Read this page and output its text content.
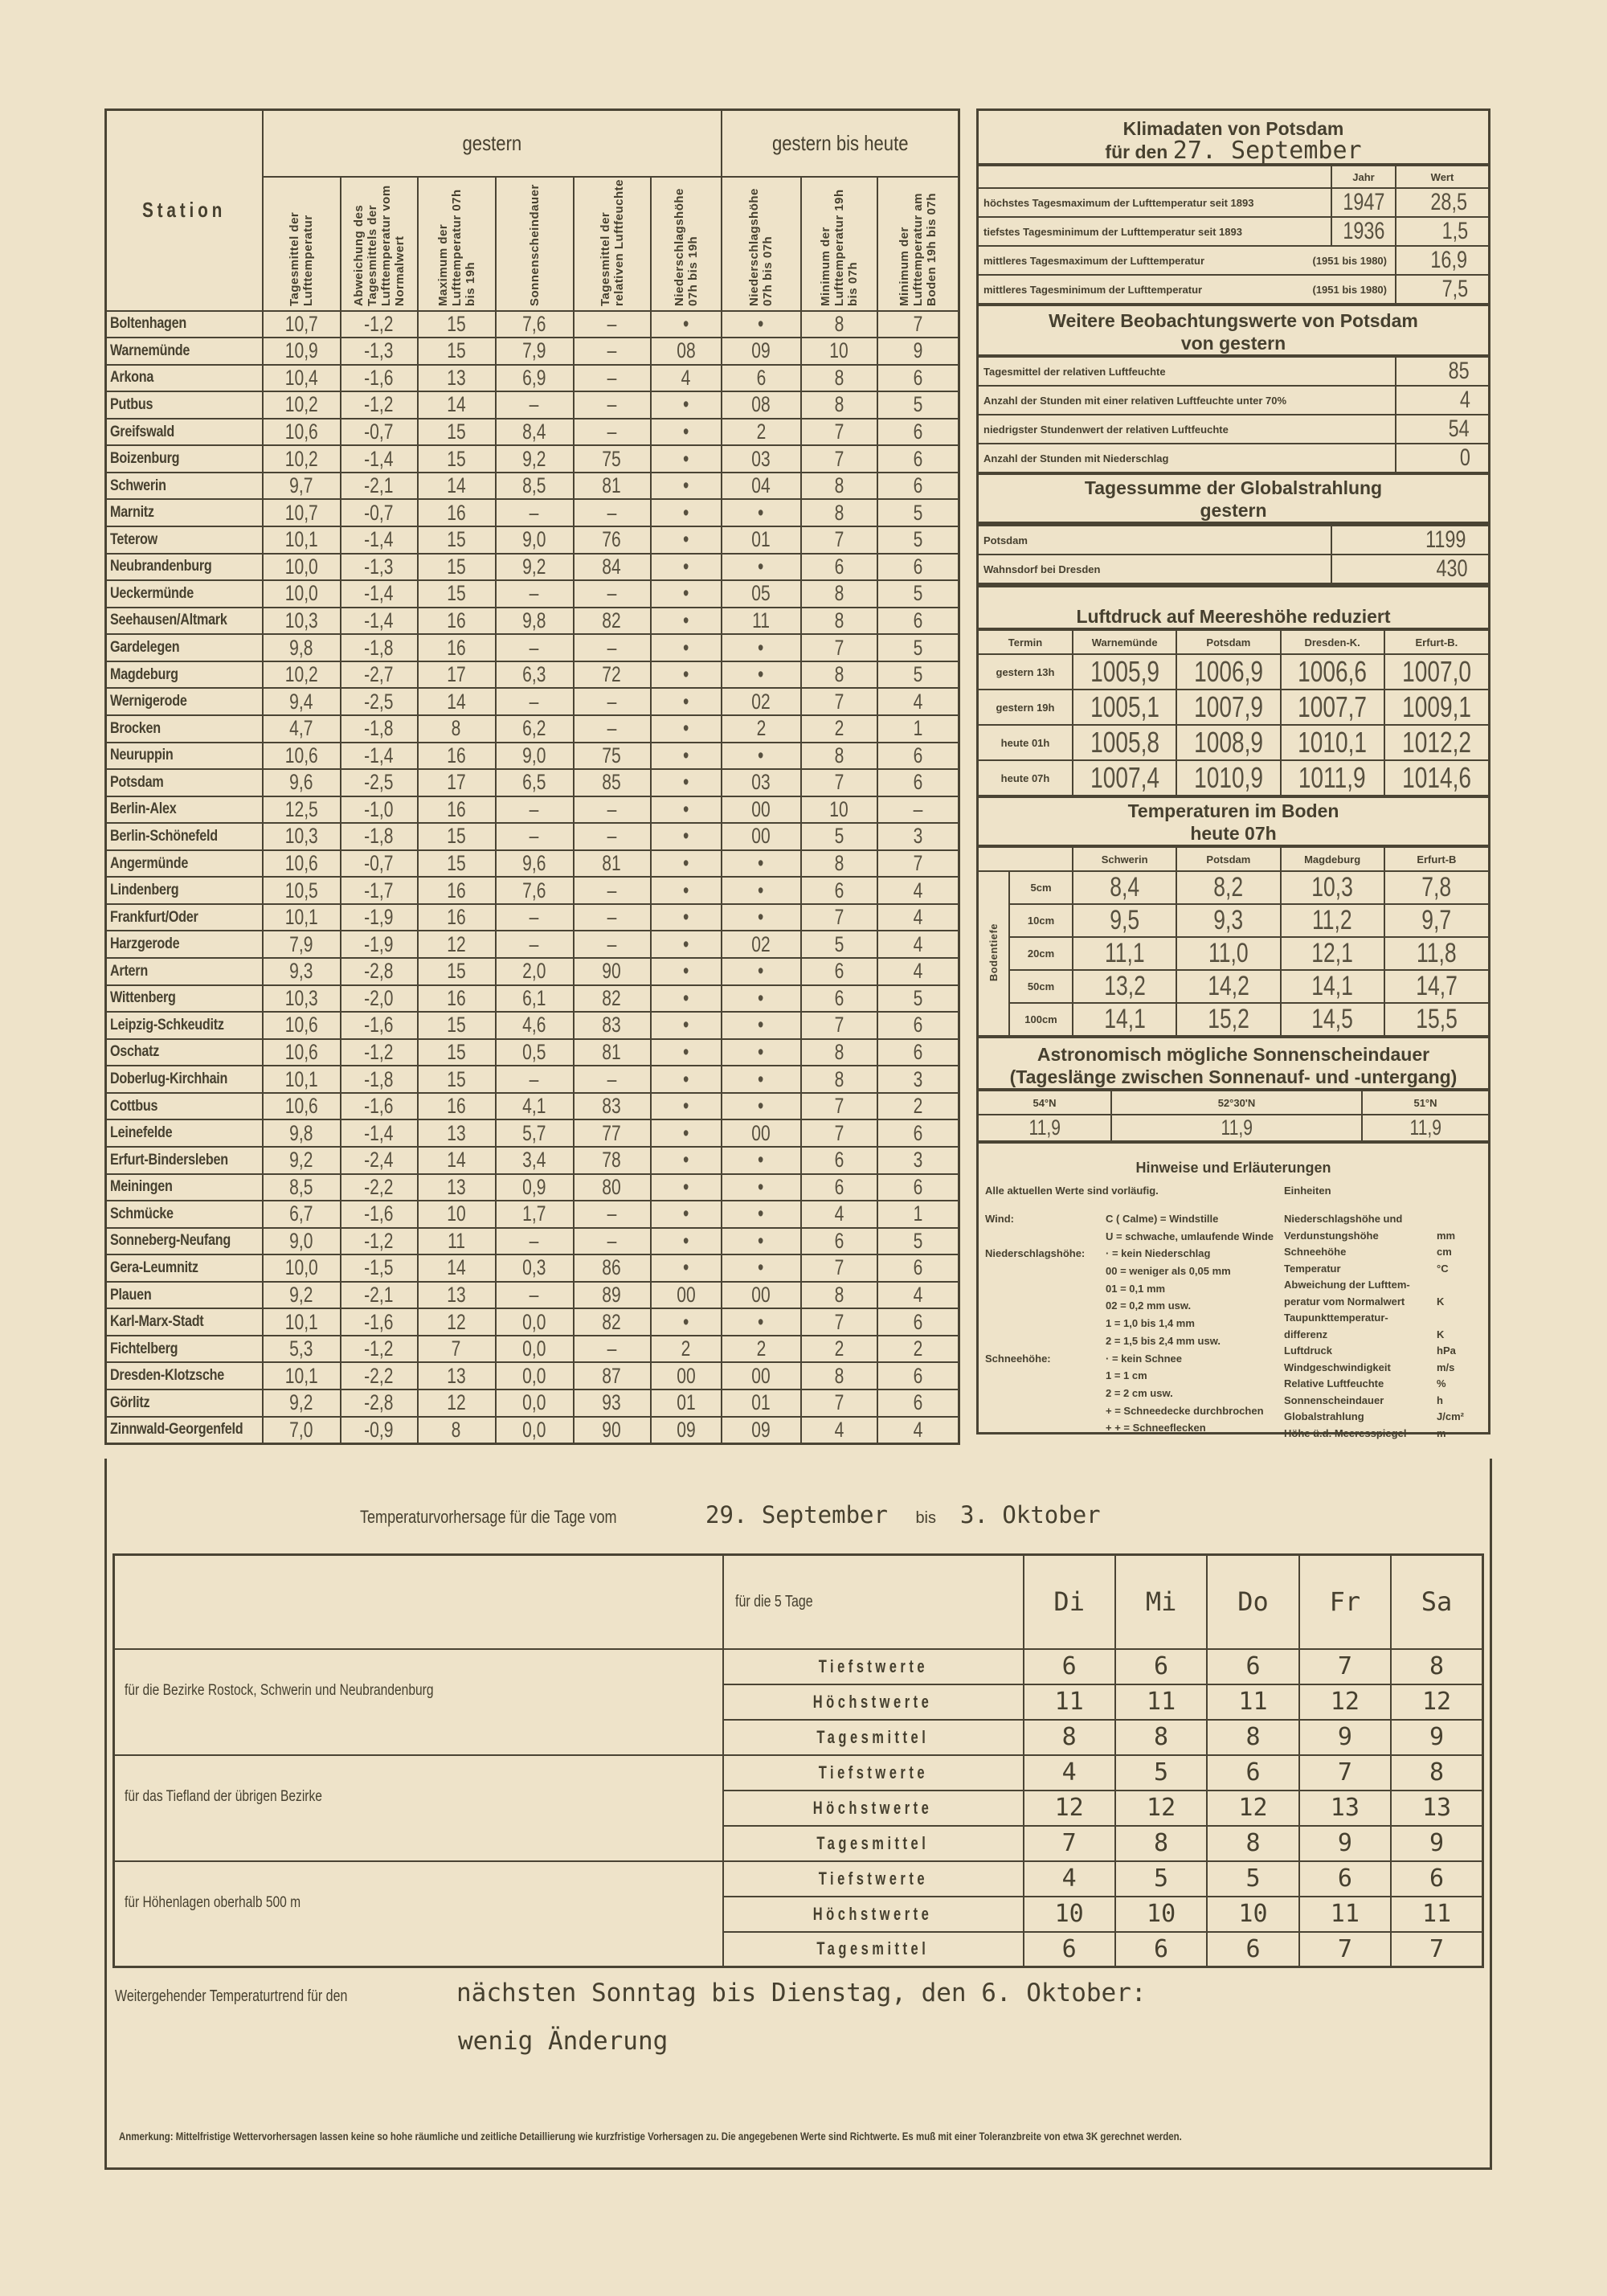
Station	gestern						gestern bis heute		
	Tagesmittel der Lufttemperatur	Abweichung des Tagesmittels der Lufttemperatur vom Normalwert	Maximum der Lufttemperatur 07h bis 19h	Sonnenscheindauer	Tagesmittel der relativen Luftfeuchte	Niederschlagshöhe 07h bis 19h	Niederschlagshöhe 07h bis 07h	Minimum der Lufttemperatur 19h bis 07h	Minimum der Lufttemperatur am Boden 19h bis 07h
Boltenhagen	10,7	-1,2	15	7,6	–	•	•	8	7
Warnemünde	10,9	-1,3	15	7,9	–	08	09	10	9
Arkona	10,4	-1,6	13	6,9	–	4	6	8	6
Putbus	10,2	-1,2	14	–	–	•	08	8	5
Greifswald	10,6	-0,7	15	8,4	–	•	2	7	6
Boizenburg	10,2	-1,4	15	9,2	75	•	03	7	6
Schwerin	9,7	-2,1	14	8,5	81	•	04	8	6
Marnitz	10,7	-0,7	16	–	–	•	•	8	5
Teterow	10,1	-1,4	15	9,0	76	•	01	7	5
Neubrandenburg	10,0	-1,3	15	9,2	84	•	•	6	6
Ueckermünde	10,0	-1,4	15	–	–	•	05	8	5
Seehausen/Altmark	10,3	-1,4	16	9,8	82	•	11	8	6
Gardelegen	9,8	-1,8	16	–	–	•	•	7	5
Magdeburg	10,2	-2,7	17	6,3	72	•	•	8	5
Wernigerode	9,4	-2,5	14	–	–	•	02	7	4
Brocken	4,7	-1,8	8	6,2	–	•	2	2	1
Neuruppin	10,6	-1,4	16	9,0	75	•	•	8	6
Potsdam	9,6	-2,5	17	6,5	85	•	03	7	6
Berlin-Alex	12,5	-1,0	16	–	–	•	00	10	–
Berlin-Schönefeld	10,3	-1,8	15	–	–	•	00	5	3
Angermünde	10,6	-0,7	15	9,6	81	•	•	8	7
Lindenberg	10,5	-1,7	16	7,6	–	•	•	6	4
Frankfurt/Oder	10,1	-1,9	16	–	–	•	•	7	4
Harzgerode	7,9	-1,9	12	–	–	•	02	5	4
Artern	9,3	-2,8	15	2,0	90	•	•	6	4
Wittenberg	10,3	-2,0	16	6,1	82	•	•	6	5
Leipzig-Schkeuditz	10,6	-1,6	15	4,6	83	•	•	7	6
Oschatz	10,6	-1,2	15	0,5	81	•	•	8	6
Doberlug-Kirchhain	10,1	-1,8	15	–	–	•	•	8	3
Cottbus	10,6	-1,6	16	4,1	83	•	•	7	2
Leinefelde	9,8	-1,4	13	5,7	77	•	00	7	6
Erfurt-Bindersleben	9,2	-2,4	14	3,4	78	•	•	6	3
Meiningen	8,5	-2,2	13	0,9	80	•	•	6	6
Schmücke	6,7	-1,6	10	1,7	–	•	•	4	1
Sonneberg-Neufang	9,0	-1,2	11	–	–	•	•	6	5
Gera-Leumnitz	10,0	-1,5	14	0,3	86	•	•	7	6
Plauen	9,2	-2,1	13	–	89	00	00	8	4
Karl-Marx-Stadt	10,1	-1,6	12	0,0	82	•	•	7	6
Fichtelberg	5,3	-1,2	7	0,0	–	2	2	2	2
Dresden-Klotzsche	10,1	-2,2	13	0,0	87	00	00	8	6
Görlitz	9,2	-2,8	12	0,0	93	01	01	7	6
Zinnwald-Georgenfeld	7,0	-0,9	8	0,0	90	09	09	4	4
Klimadaten von Potsdam
für den 27. September
	Jahr	Wert
höchstes Tagesmaximum der Lufttemperatur seit 1893	1947	28,5
tiefstes Tagesminimum der Lufttemperatur seit 1893	1936	1,5
mittleres Tagesmaximum der Lufttemperatur (1951 bis 1980)		16,9
mittleres Tagesminimum der Lufttemperatur (1951 bis 1980)		7,5
Weitere Beobachtungswerte von Potsdam
von gestern
Tagesmittel der relativen Luftfeuchte	85
Anzahl der Stunden mit einer relativen Luftfeuchte unter 70%	4
niedrigster Stundenwert der relativen Luftfeuchte	54
Anzahl der Stunden mit Niederschlag	0
Tagessumme der Globalstrahlung
gestern
Potsdam	1199
Wahnsdorf bei Dresden	430
Luftdruck auf Meereshöhe reduziert
Termin	Warnemünde	Potsdam	Dresden-K.	Erfurt-B.
gestern 13h	1005,9	1006,9	1006,6	1007,0
gestern 19h	1005,1	1007,9	1007,7	1009,1
heute 01h	1005,8	1008,9	1010,1	1012,2
heute 07h	1007,4	1010,9	1011,9	1014,6
Temperaturen im Boden
heute 07h
		Schwerin	Potsdam	Magdeburg	Erfurt-B
Bodentiefe	5cm	8,4	8,2	10,3	7,8
	10cm	9,5	9,3	11,2	9,7
	20cm	11,1	11,0	12,1	11,8
	50cm	13,2	14,2	14,1	14,7
	100cm	14,1	15,2	14,5	15,5
Astronomisch mögliche Sonnenscheindauer
(Tageslänge zwischen Sonnenauf- und -untergang)
54°N	52°30'N	51°N
11,9	11,9	11,9
Hinweise und Erläuterungen
Alle aktuellen Werte sind vorläufig.
Wind:	C ( Calme) = Windstille
U = schwache, umlaufende Winde
Niederschlagshöhe:	· = kein Niederschlag
00 = weniger als 0,05 mm
01 = 0,1 mm
02 = 0,2 mm usw.
1 = 1,0 bis 1,4 mm
2 = 1,5 bis 2,4 mm usw.
Schneehöhe:	· = kein Schnee
1 = 1 cm
2 = 2 cm usw.
+ = Schneedecke durchbrochen
+ + = Schneeflecken
Einheiten
Niederschlagshöhe und
Verdunstungshöhe	mm
Schneehöhe	cm
Temperatur	°C
Abweichung der Lufttem-
peratur vom Normalwert	K
Taupunkttemperatur-
differenz	K
Luftdruck	hPa
Windgeschwindigkeit	m/s
Relative Luftfeuchte	%
Sonnenscheindauer	h
Globalstrahlung	J/cm²
Höhe ü.d. Meeresspiegel	m
Temperaturvorhersage für die Tage vom	29. September bis 3. Oktober
	für die 5 Tage	Di	Mi	Do	Fr	Sa
für die Bezirke Rostock, Schwerin und Neubrandenburg	Tiefstwerte	6	6	6	7	8
	Höchstwerte	11	11	11	12	12
	Tagesmittel	8	8	8	9	9
für das Tiefland der übrigen Bezirke	Tiefstwerte	4	5	6	7	8
	Höchstwerte	12	12	12	13	13
	Tagesmittel	7	8	8	9	9
für Höhenlagen oberhalb 500 m	Tiefstwerte	4	5	5	6	6
	Höchstwerte	10	10	10	11	11
	Tagesmittel	6	6	6	7	7
Weitergehender Temperaturtrend für den	nächsten Sonntag bis Dienstag, den 6. Oktober:
wenig Änderung
Anmerkung: Mittelfristige Wettervorhersagen lassen keine so hohe räumliche und zeitliche Detaillierung wie kurzfristige Vorhersagen zu. Die angegebenen Werte sind Richtwerte. Es muß mit einer Toleranzbreite von etwa 3K gerechnet werden.
